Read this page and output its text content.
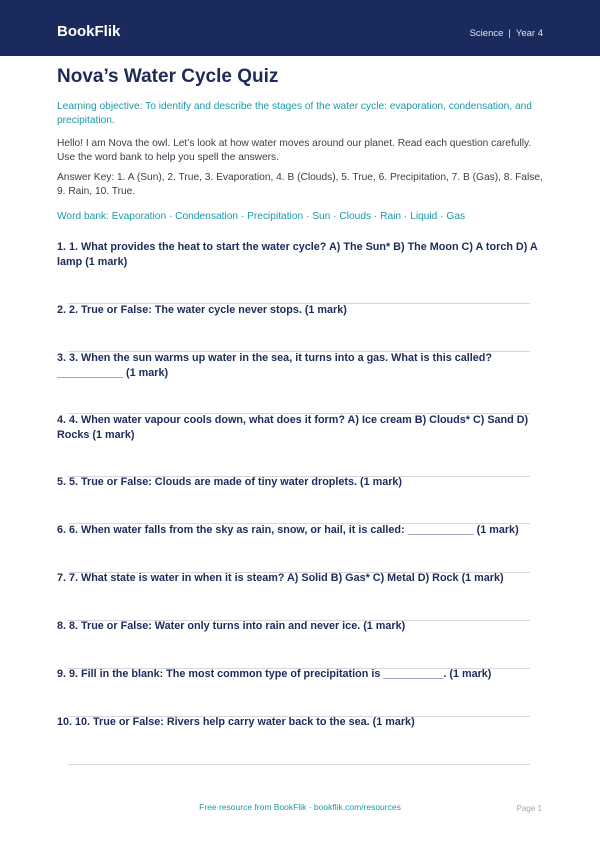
BookFlik	Science | Year 4
Nova’s Water Cycle Quiz

Learning objective: To identify and describe the stages of the water cycle: evaporation, condensation, and precipitation.

Hello! I am Nova the owl. Let’s look at how water moves around our planet. Read each question carefully. Use the word bank to help you spell the answers.

Answer Key: 1. A (Sun), 2. True, 3. Evaporation, 4. B (Clouds), 5. True, 6. Precipitation, 7. B (Gas), 8. False, 9. Rain, 10. True.

Word bank: Evaporation · Condensation · Precipitation · Sun · Clouds · Rain · Liquid · Gas

1. 1. What provides the heat to start the water cycle? A) The Sun* B) The Moon C) A torch D) A lamp (1 mark)
2. 2. True or False: The water cycle never stops. (1 mark)
3. 3. When the sun warms up water in the sea, it turns into a gas. What is this called? ___________ (1 mark)
4. 4. When water vapour cools down, what does it form? A) Ice cream B) Clouds* C) Sand D) Rocks (1 mark)
5. 5. True or False: Clouds are made of tiny water droplets. (1 mark)
6. 6. When water falls from the sky as rain, snow, or hail, it is called: ___________ (1 mark)
7. 7. What state is water in when it is steam? A) Solid B) Gas* C) Metal D) Rock (1 mark)
8. 8. True or False: Water only turns into rain and never ice. (1 mark)
9. 9. Fill in the blank: The most common type of precipitation is __________. (1 mark)
10. 10. True or False: Rivers help carry water back to the sea. (1 mark)
Free resource from BookFlik · bookflik.com/resources	Page 1
